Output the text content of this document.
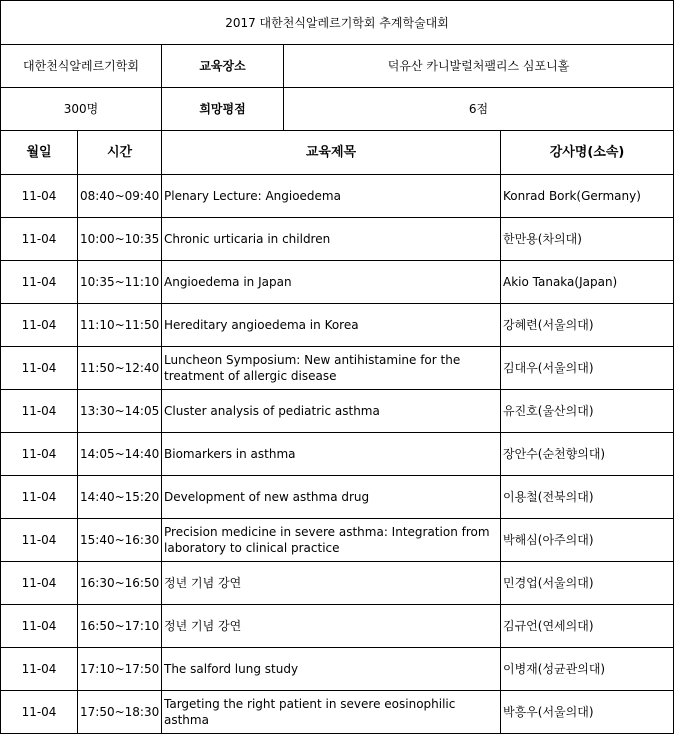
2017 대한천식알레르기학회 추계학술대회				
대한천식알레르기학회		교육장소	덕유산 카니발럴처팰리스 심포니홀	
300명		희망평점	6점	
월일	시간	교육제목		강사명(소속)
11-04	08:40~09:40	Plenary Lecture: Angioedema		Konrad Bork(Germany)
11-04	10:00~10:35	Chronic urticaria in children		한만용(차의대)
11-04	10:35~11:10	Angioedema in Japan		Akio Tanaka(Japan)
11-04	11:10~11:50	Hereditary angioedema in Korea		강혜련(서울의대)
11-04	11:50~12:40	Luncheon Symposium: New antihistamine for the treatment of allergic disease		김대우(서울의대)
11-04	13:30~14:05	Cluster analysis of pediatric asthma		유진호(울산의대)
11-04	14:05~14:40	Biomarkers in asthma		장안수(순천향의대)
11-04	14:40~15:20	Development of new asthma drug		이용철(전북의대)
11-04	15:40~16:30	Precision medicine in severe asthma: Integration from laboratory to clinical practice		박해심(아주의대)
11-04	16:30~16:50	정년 기념 강연		민경업(서울의대)
11-04	16:50~17:10	정년 기념 강연		김규언(연세의대)
11-04	17:10~17:50	The salford lung study		이병재(성균관의대)
11-04	17:50~18:30	Targeting the right patient in severe eosinophilic asthma		박흥우(서울의대)
